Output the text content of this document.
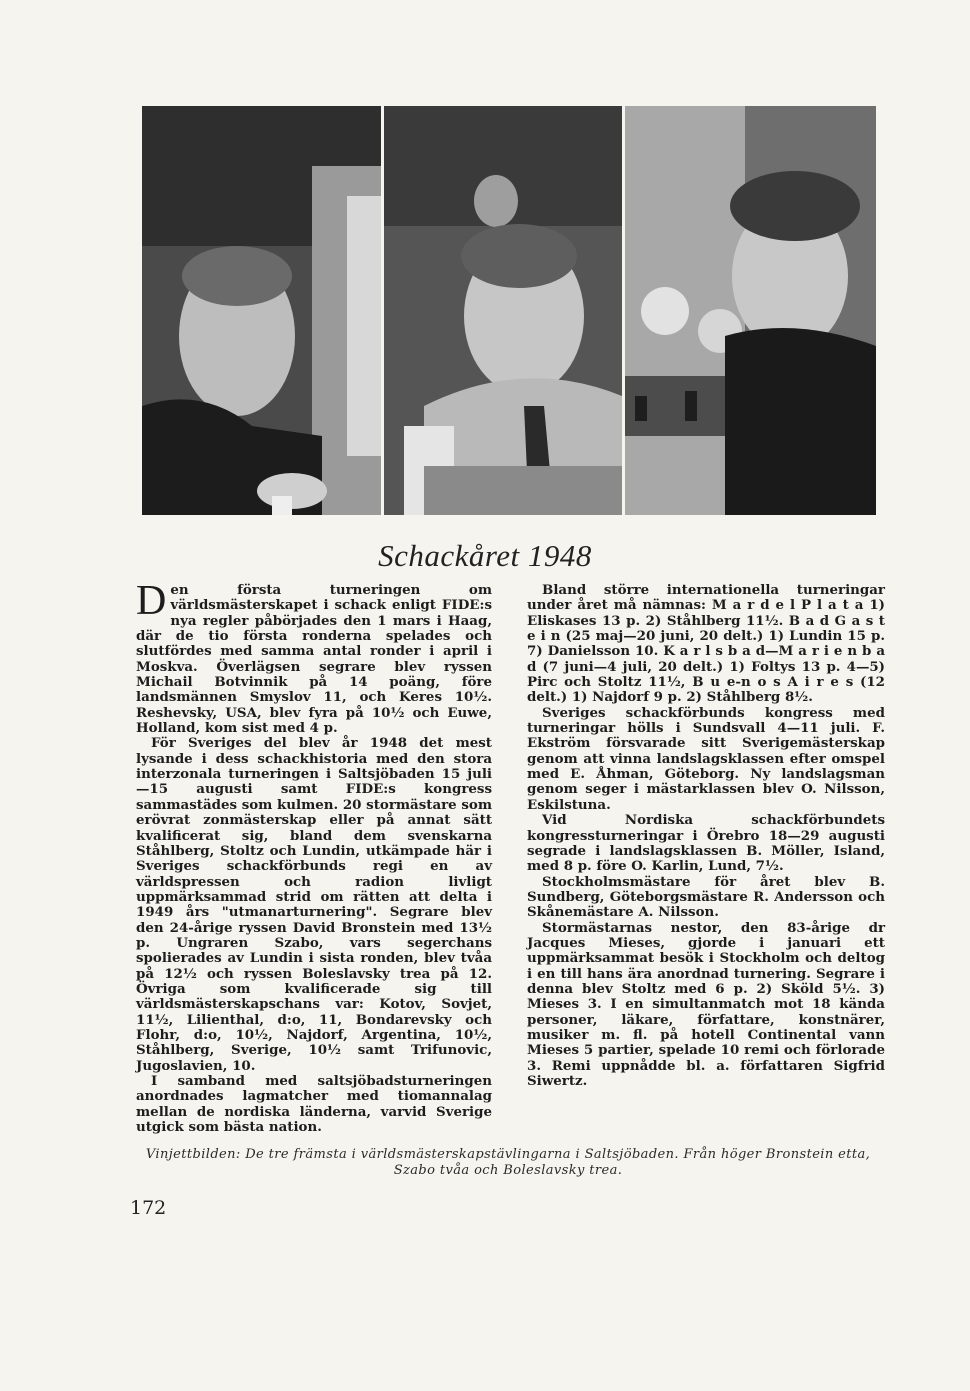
Schackåret 1948

Den första turneringen om världsmästerskapet i schack enligt FIDE:s nya regler påbörjades den 1 mars i Haag, där de tio första ronderna spelades och slutfördes med samma antal ronder i april i Moskva. Överlägsen segrare blev ryssen Michail Botvinnik på 14 poäng, före landsmännen Smyslov 11, och Keres 10½. Reshevsky, USA, blev fyra på 10½ och Euwe, Holland, kom sist med 4 p.

För Sveriges del blev år 1948 det mest lysande i dess schackhistoria med den stora interzonala turneringen i Saltsjöbaden 15 juli—15 augusti samt FIDE:s kongress sammastädes som kulmen. 20 stormästare som erövrat zonmästerskap eller på annat sätt kvalificerat sig, bland dem svenskarna Ståhlberg, Stoltz och Lundin, utkämpade här i Sveriges schackförbunds regi en av världspressen och radion livligt uppmärksammad strid om rätten att delta i 1949 års "utmanarturnering". Segrare blev den 24-årige ryssen David Bronstein med 13½ p. Ungraren Szabo, vars segerchans spolierades av Lundin i sista ronden, blev tvåa på 12½ och ryssen Boleslavsky trea på 12. Övriga som kvalificerade sig till världsmästerskapschans var: Kotov, Sovjet, 11½, Lilienthal, d:o, 11, Bondarevsky och Flohr, d:o, 10½, Najdorf, Argentina, 10½, Ståhlberg, Sverige, 10½ samt Trifunovic, Jugoslavien, 10.

I samband med saltsjöbadsturneringen anordnades lagmatcher med tiomannalag mellan de nordiska länderna, varvid Sverige utgick som bästa nation.

Bland större internationella turneringar under året må nämnas: M a r d e l P l a t a 1) Eliskases 13 p. 2) Ståhlberg 11½. B a d G a s t e i n (25 maj—20 juni, 20 delt.) 1) Lundin 15 p. 7) Danielsson 10. K a r l s b a d—M a r i e n b a d (7 juni—4 juli, 20 delt.) 1) Foltys 13 p. 4—5) Pirc och Stoltz 11½, B u e-n o s A i r e s (12 delt.) 1) Najdorf 9 p. 2) Ståhlberg 8½.

Sveriges schackförbunds kongress med turneringar hölls i Sundsvall 4—11 juli. F. Ekström försvarade sitt Sverigemästerskap genom att vinna landslagsklassen efter omspel med E. Åhman, Göteborg. Ny landslagsman genom seger i mästarklassen blev O. Nilsson, Eskilstuna.

Vid Nordiska schackförbundets kongressturneringar i Örebro 18—29 augusti segrade i landslagsklassen B. Möller, Island, med 8 p. före O. Karlin, Lund, 7½.

Stockholmsmästare för året blev B. Sundberg, Göteborgsmästare R. Andersson och Skånemästare A. Nilsson.

Stormästarnas nestor, den 83-årige dr Jacques Mieses, gjorde i januari ett uppmärksammat besök i Stockholm och deltog i en till hans ära anordnad turnering. Segrare i denna blev Stoltz med 6 p. 2) Sköld 5½. 3) Mieses 3. I en simultanmatch mot 18 kända personer, läkare, författare, konstnärer, musiker m. fl. på hotell Continental vann Mieses 5 partier, spelade 10 remi och förlorade 3. Remi uppnådde bl. a. författaren Sigfrid Siwertz.

Vinjettbilden: De tre främsta i världsmästerskapstävlingarna i Saltsjöbaden. Från höger Bronstein etta, Szabo tvåa och Boleslavsky trea.
172
